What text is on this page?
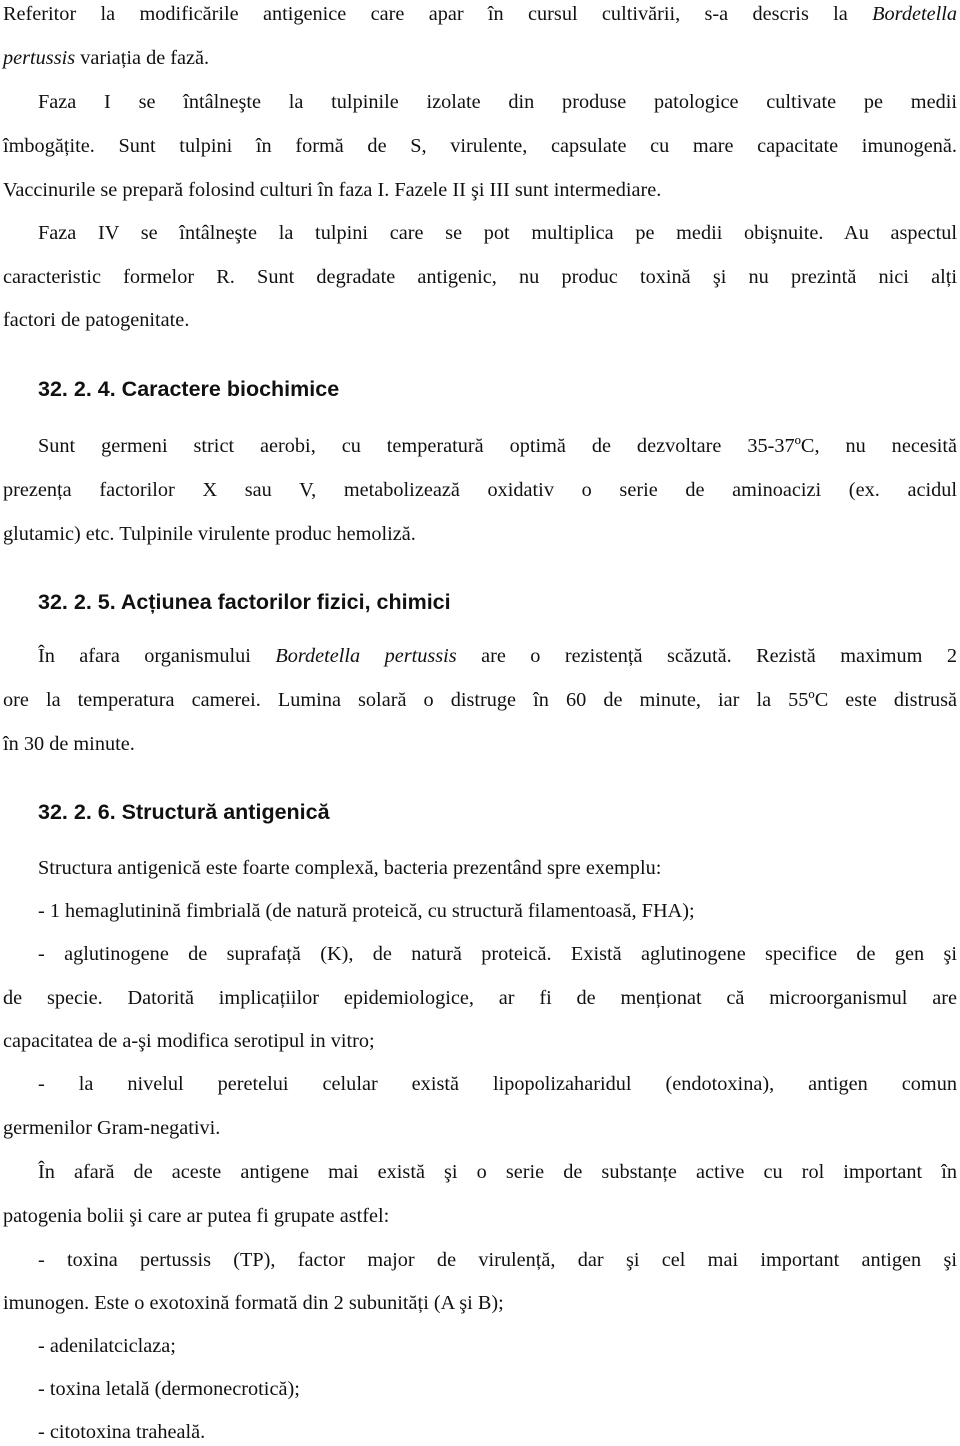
Referitor la modificările antigenice care apar în cursul cultivării, s-a descris la Bordetella
pertussis variația de fază.
Faza I se întâlneşte la tulpinile izolate din produse patologice cultivate pe medii
îmbogățite. Sunt tulpini în formă de S, virulente, capsulate cu mare capacitate imunogenă.
Vaccinurile se prepară folosind culturi în faza I. Fazele II şi III sunt intermediare.
Faza IV se întâlneşte la tulpini care se pot multiplica pe medii obişnuite. Au aspectul
caracteristic formelor R. Sunt degradate antigenic, nu produc toxină şi nu prezintă nici alți
factori de patogenitate.
32. 2. 4. Caractere biochimice
Sunt germeni strict aerobi, cu temperatură optimă de dezvoltare 35-37ºC, nu necesită
prezența factorilor X sau V, metabolizează oxidativ o serie de aminoacizi (ex. acidul
glutamic) etc. Tulpinile virulente produc hemoliză.
32. 2. 5. Acțiunea factorilor fizici, chimici
În afara organismului Bordetella pertussis are o rezistență scăzută. Rezistă maximum 2
ore la temperatura camerei. Lumina solară o distruge în 60 de minute, iar la 55ºC este distrusă
în 30 de minute.
32. 2. 6. Structură antigenică
Structura antigenică este foarte complexă, bacteria prezentând spre exemplu:
- 1 hemaglutinină fimbrială (de natură proteică, cu structură filamentoasă, FHA);
- aglutinogene de suprafață (K), de natură proteică. Există aglutinogene specifice de gen şi
de specie. Datorită implicațiilor epidemiologice, ar fi de menționat că microorganismul are
capacitatea de a-şi modifica serotipul in vitro;
- la nivelul peretelui celular există lipopolizaharidul (endotoxina), antigen comun
germenilor Gram-negativi.
În afară de aceste antigene mai există şi o serie de substanțe active cu rol important în
patogenia bolii şi care ar putea fi grupate astfel:
- toxina pertussis (TP), factor major de virulență, dar şi cel mai important antigen şi
imunogen. Este o exotoxină formată din 2 subunități (A şi B);
- adenilatciclaza;
- toxina letală (dermonecrotică);
- citotoxina traheală.
